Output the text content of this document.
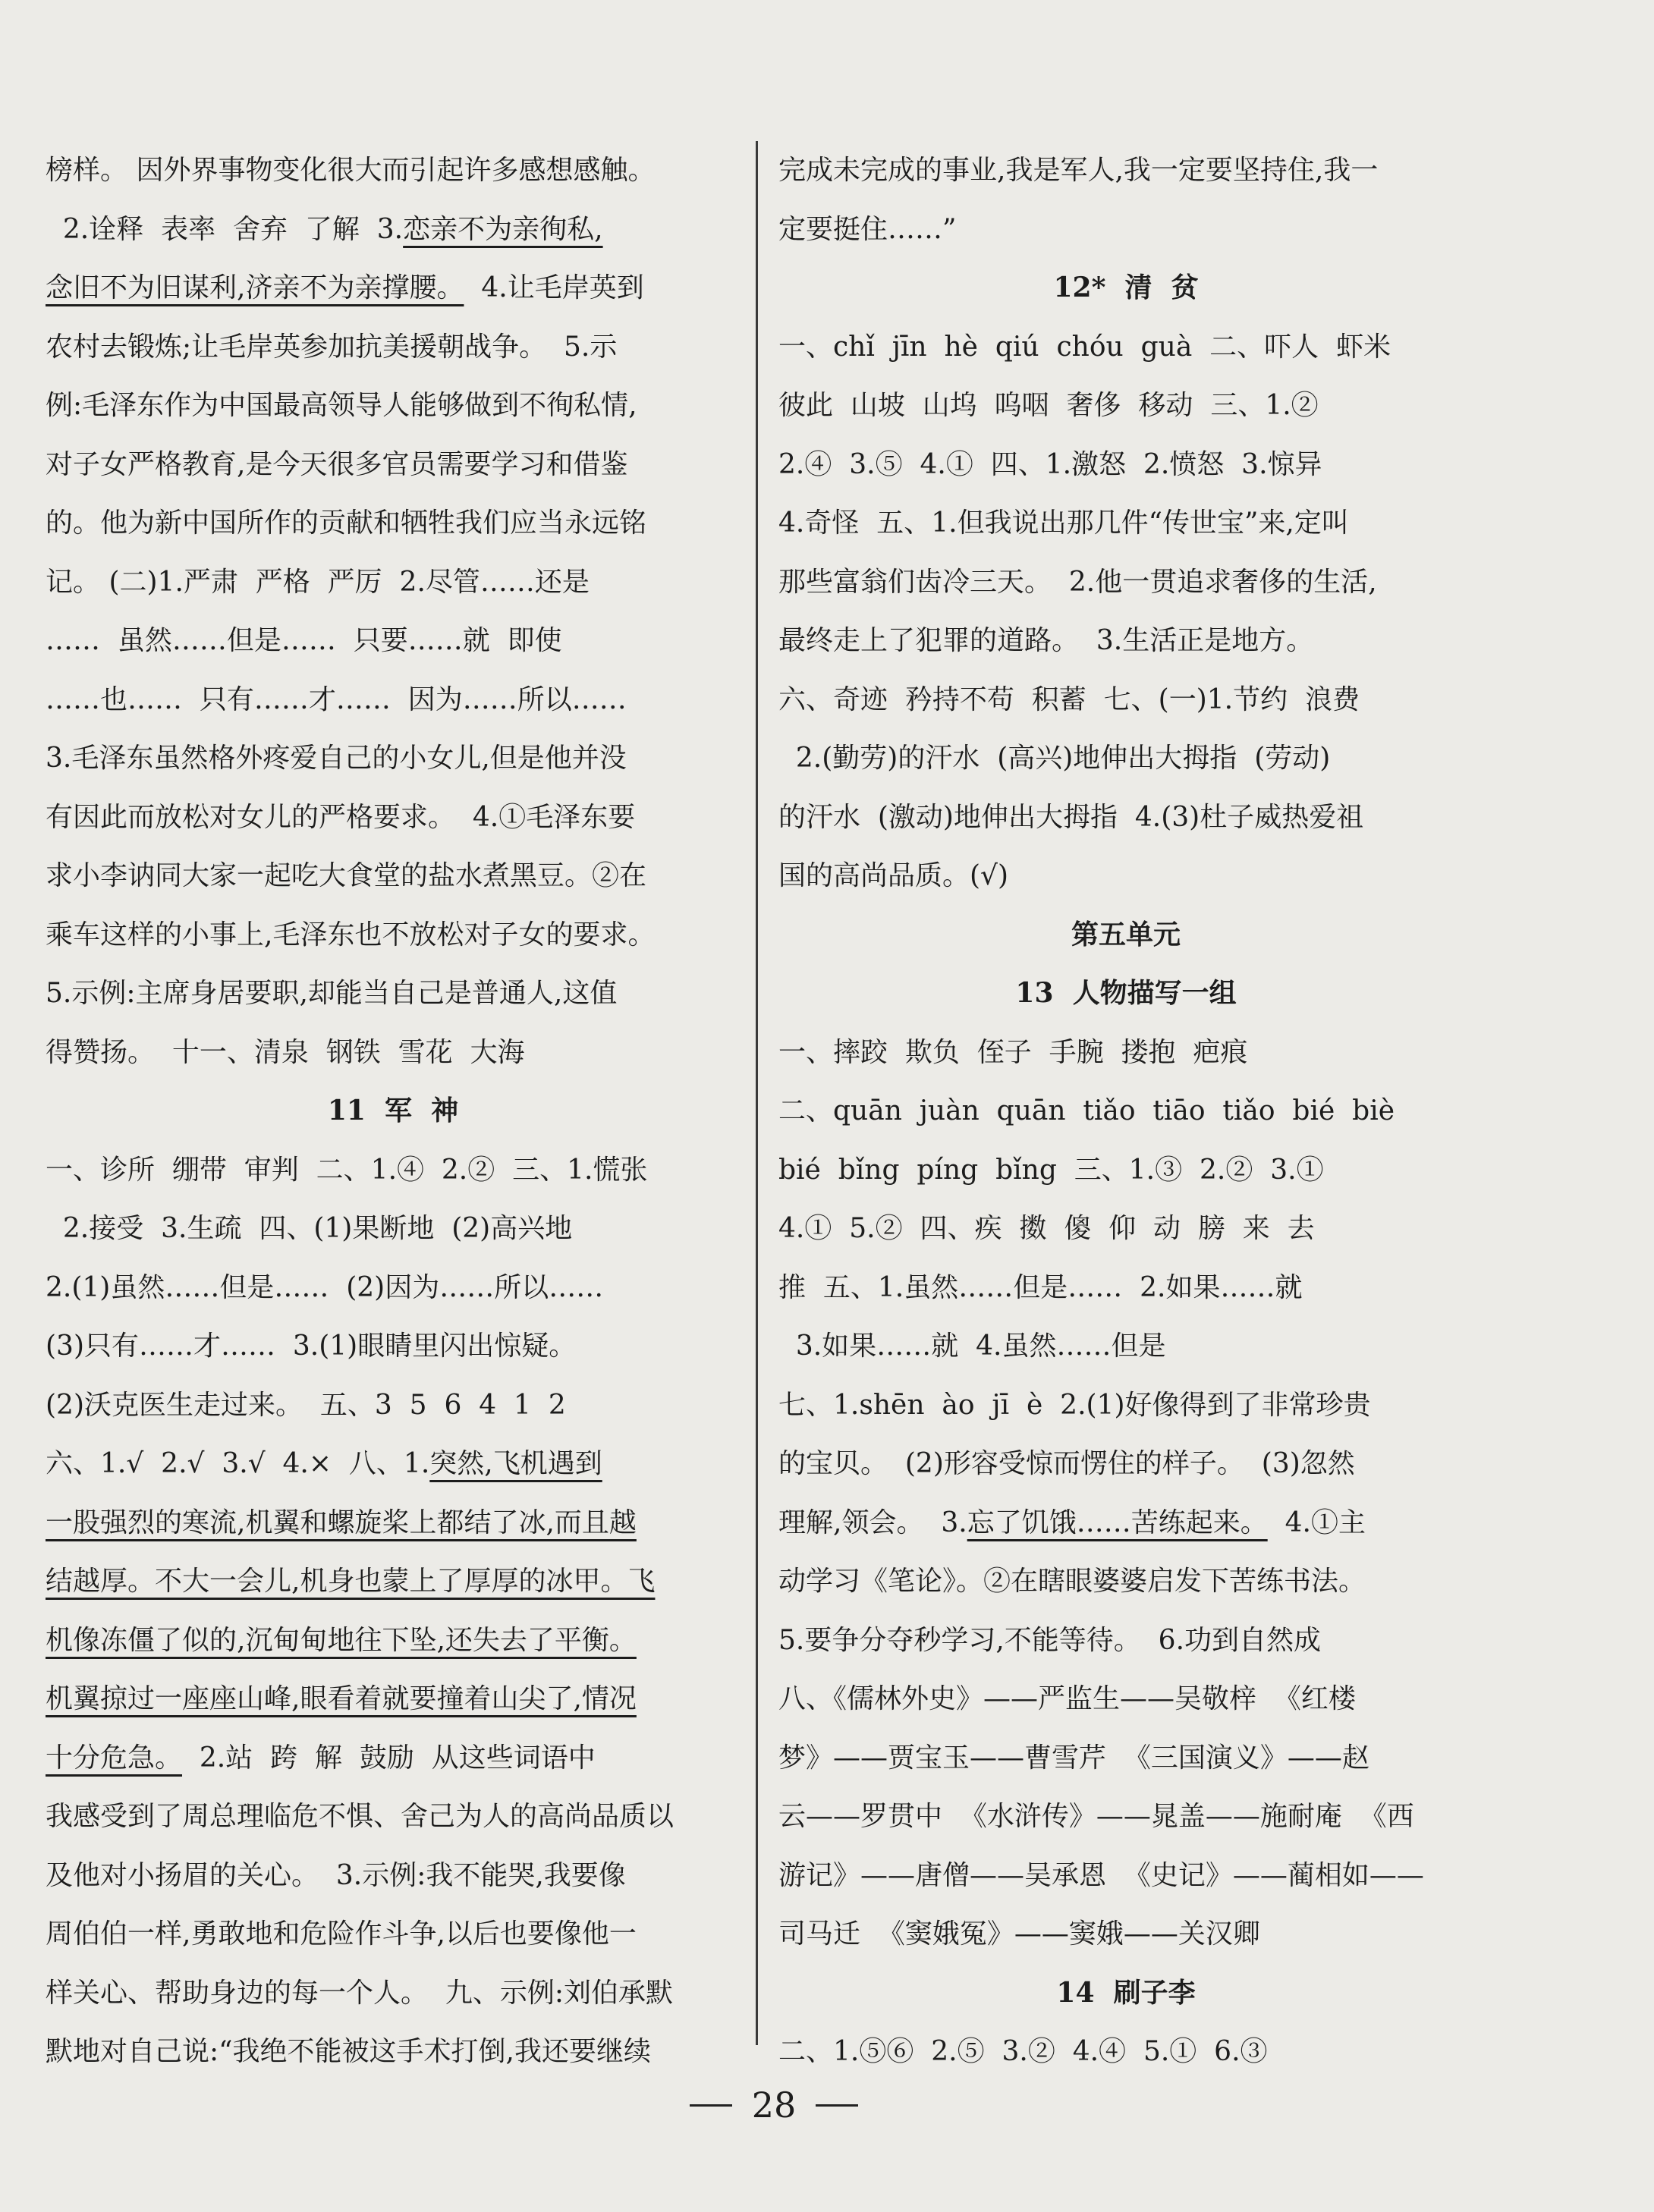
榜样。 因外界事物变化很大而引起许多感想感触。
2.诠释  表率  舍弃  了解  3.恋亲不为亲徇私,
念旧不为旧谋利,济亲不为亲撑腰。  4.让毛岸英到
农村去锻炼;让毛岸英参加抗美援朝战争。  5.示
例:毛泽东作为中国最高领导人能够做到不徇私情,
对子女严格教育,是今天很多官员需要学习和借鉴
的。他为新中国所作的贡献和牺牲我们应当永远铭
记。 (二)1.严肃  严格  严厉  2.尽管……还是
……  虽然……但是……  只要……就  即使
……也……  只有……才……  因为……所以……
3.毛泽东虽然格外疼爱自己的小女儿,但是他并没
有因此而放松对女儿的严格要求。  4.①毛泽东要
求小李讷同大家一起吃大食堂的盐水煮黑豆。②在
乘车这样的小事上,毛泽东也不放松对子女的要求。
5.示例:主席身居要职,却能当自己是普通人,这值
得赞扬。  十一、清泉  钢铁  雪花  大海
11  军  神
一、诊所  绷带  审判  二、1.④  2.②  三、1.慌张
2.接受  3.生疏  四、(1)果断地  (2)高兴地
2.(1)虽然……但是……  (2)因为……所以……
(3)只有……才……  3.(1)眼睛里闪出惊疑。
(2)沃克医生走过来。  五、3  5  6  4  1  2
六、1.√  2.√  3.√  4.×  八、1.突然,飞机遇到
一股强烈的寒流,机翼和螺旋桨上都结了冰,而且越
结越厚。不大一会儿,机身也蒙上了厚厚的冰甲。飞
机像冻僵了似的,沉甸甸地往下坠,还失去了平衡。
机翼掠过一座座山峰,眼看着就要撞着山尖了,情况
十分危急。  2.站  跨  解  鼓励  从这些词语中
我感受到了周总理临危不惧、舍己为人的高尚品质以
及他对小扬眉的关心。  3.示例:我不能哭,我要像
周伯伯一样,勇敢地和危险作斗争,以后也要像他一
样关心、帮助身边的每一个人。  九、示例:刘伯承默
默地对自己说:“我绝不能被这手术打倒,我还要继续
完成未完成的事业,我是军人,我一定要坚持住,我一
定要挺住……”
12*  清  贫
一、chǐ  jīn  hè  qiú  chóu  guà  二、吓人  虾米
彼此  山坡  山坞  呜咽  奢侈  移动  三、1.②
2.④  3.⑤  4.①  四、1.激怒  2.愤怒  3.惊异
4.奇怪  五、1.但我说出那几件“传世宝”来,定叫
那些富翁们齿冷三天。  2.他一贯追求奢侈的生活,
最终走上了犯罪的道路。  3.生活正是地方。
六、奇迹  矜持不苟  积蓄  七、(一)1.节约  浪费
2.(勤劳)的汗水  (高兴)地伸出大拇指  (劳动)
的汗水  (激动)地伸出大拇指  4.(3)杜子威热爱祖
国的高尚品质。(√)
第五单元
13  人物描写一组
一、摔跤  欺负  侄子  手腕  搂抱  疤痕
二、quān  juàn  quān  tiǎo  tiāo  tiǎo  bié  biè
bié  bǐng  píng  bǐng  三、1.③  2.②  3.①
4.①  5.②  四、疾  擞  傻  仰  动  膀  来  去
推  五、1.虽然……但是……  2.如果……就
3.如果……就  4.虽然……但是
七、1.shēn  ào  jī  è  2.(1)好像得到了非常珍贵
的宝贝。  (2)形容受惊而愣住的样子。  (3)忽然
理解,领会。  3.忘了饥饿……苦练起来。  4.①主
动学习《笔论》。②在瞎眼婆婆启发下苦练书法。
5.要争分夺秒学习,不能等待。  6.功到自然成
八、《儒林外史》——严监生——吴敬梓  《红楼
梦》——贾宝玉——曹雪芹  《三国演义》——赵
云——罗贯中  《水浒传》——晁盖——施耐庵  《西
游记》——唐僧——吴承恩  《史记》——蔺相如——
司马迁  《窦娥冤》——窦娥——关汉卿
14  刷子李
二、1.⑤⑥  2.⑤  3.②  4.④  5.①  6.③
28
